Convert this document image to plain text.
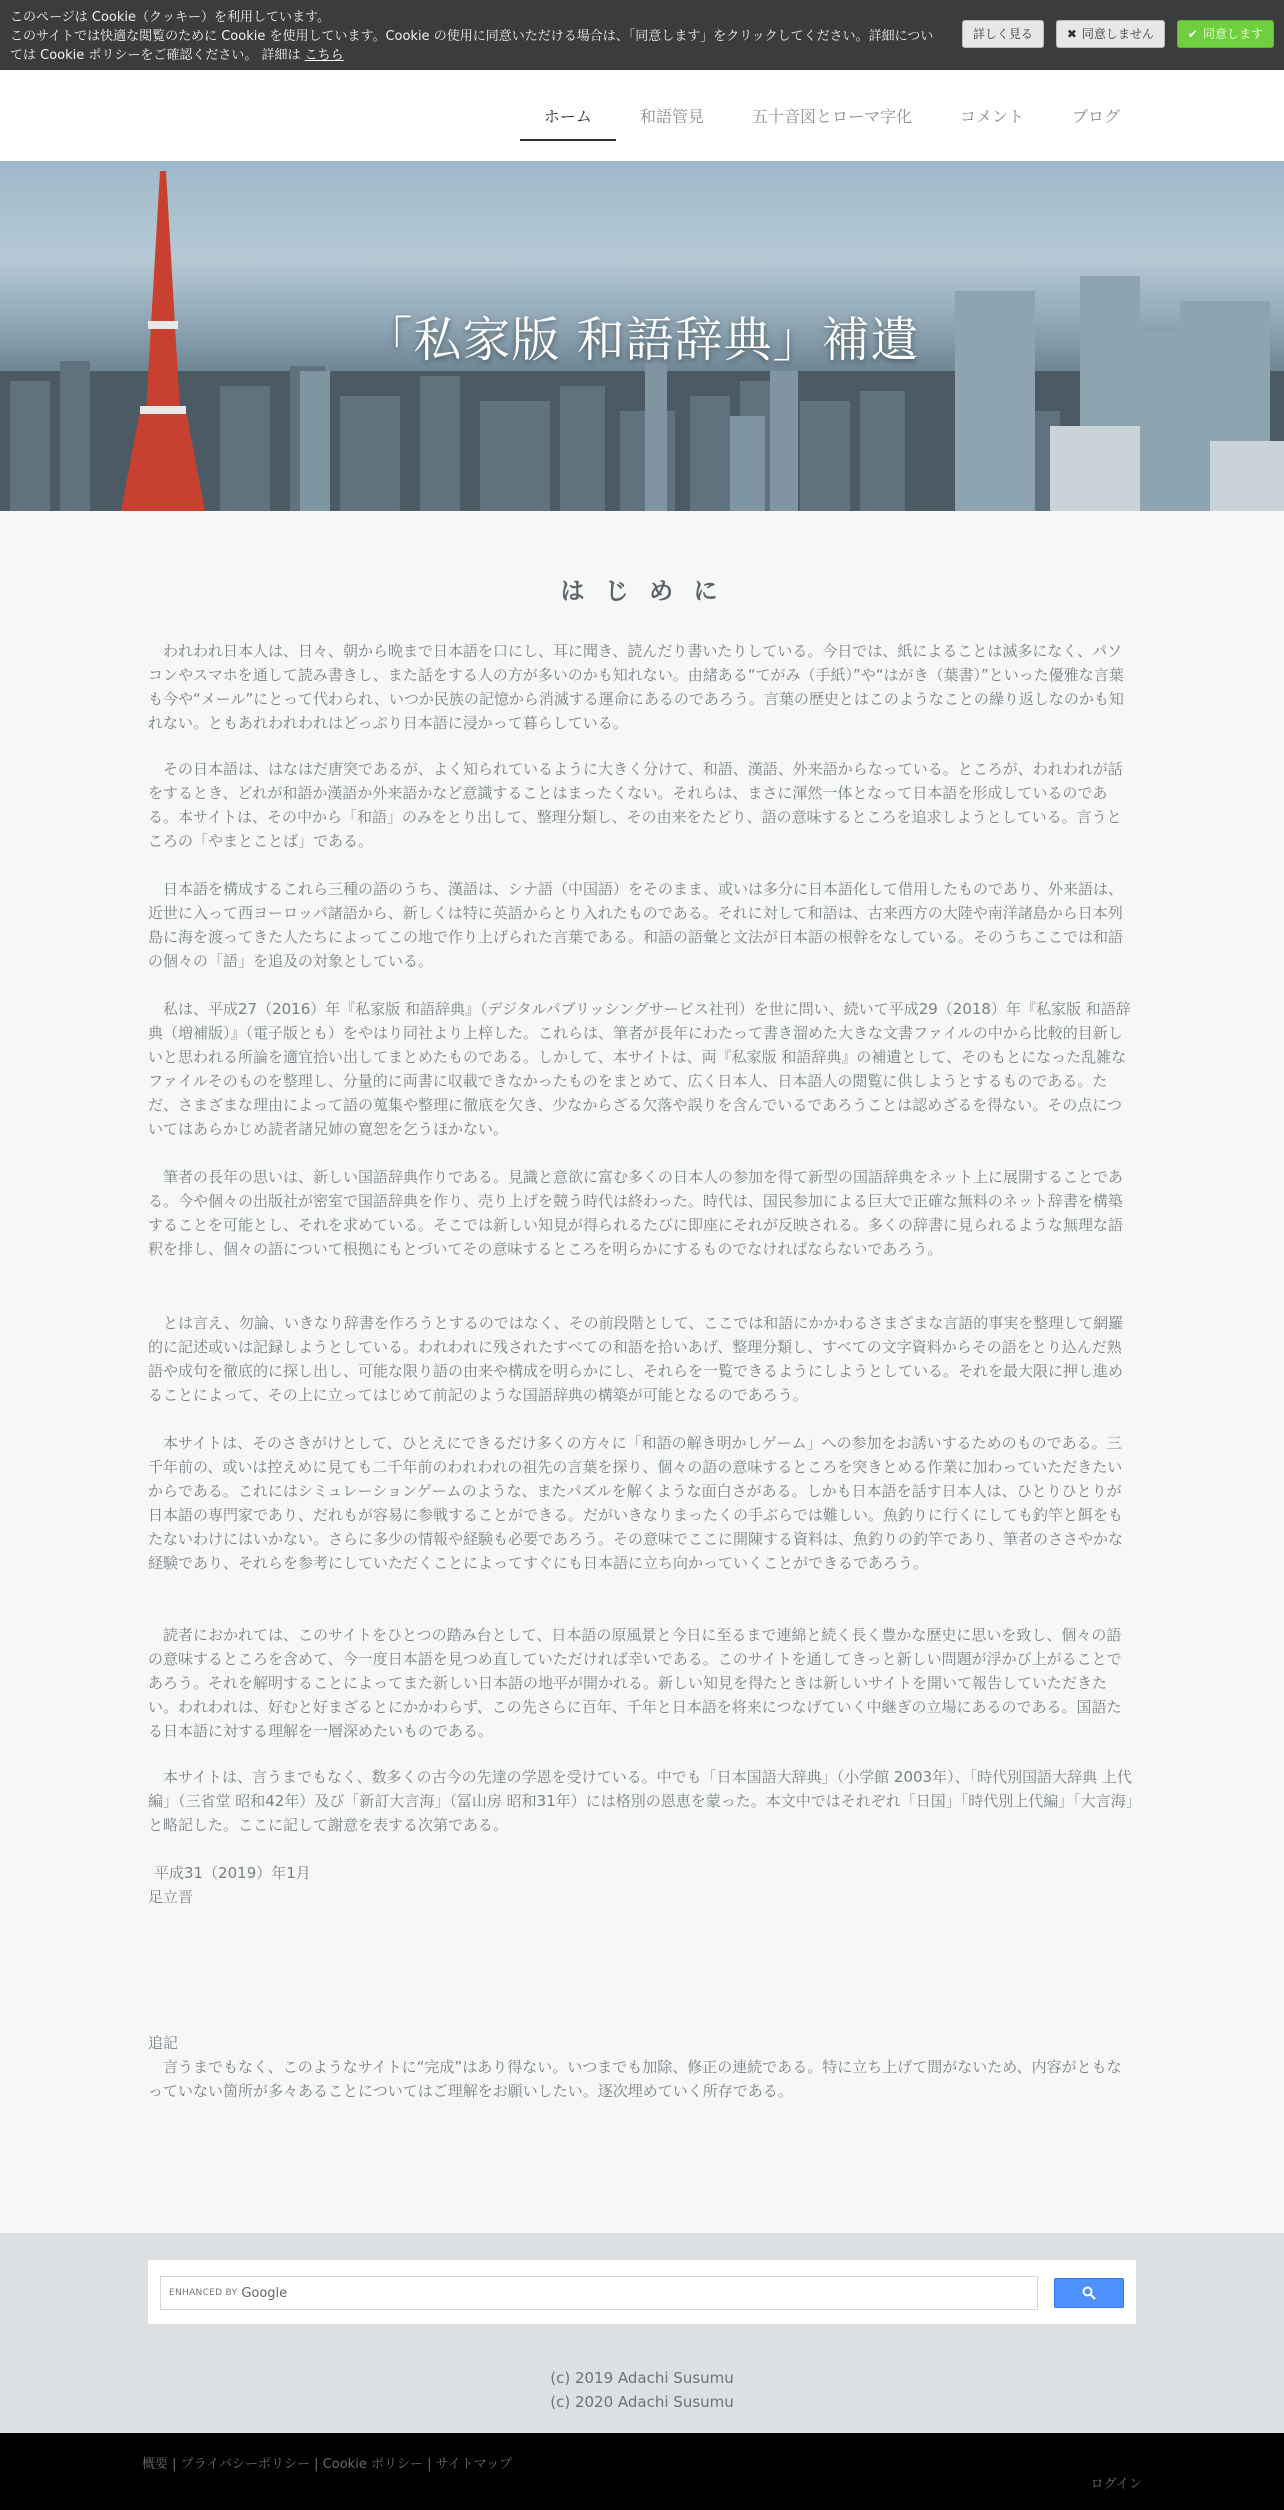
このページは Cookie（クッキー）を利用しています。
このサイトでは快適な閲覧のために Cookie を使用しています。Cookie の使用に同意いただける場合は、「同意します」をクリックしてください。詳細につい
ては Cookie ポリシーをご確認ください。 詳細は こちら
詳しく見る	✖ 同意しません	✔ 同意します
ホーム	和語管見	五十音図とローマ字化	コメント	ブログ
「私家版 和語辞典」補遺
は じ め に
われわれ日本人は、日々、朝から晩まで日本語を口にし、耳に聞き、読んだり書いたりしている。今日では、紙によることは滅多になく、パソコンやスマホを通して読み書きし、また話をする人の方が多いのかも知れない。由緒ある“てがみ（手紙）”や“はがき（葉書）”といった優雅な言葉も今や“メール”にとって代わられ、いつか民族の記憶から消滅する運命にあるのであろう。言葉の歴史とはこのようなことの繰り返しなのかも知れない。ともあれわれわれはどっぷり日本語に浸かって暮らしている。
その日本語は、はなはだ唐突であるが、よく知られているように大きく分けて、和語、漢語、外来語からなっている。ところが、われわれが話をするとき、どれが和語か漢語か外来語かなど意識することはまったくない。それらは、まさに渾然一体となって日本語を形成しているのである。本サイトは、その中から「和語」のみをとり出して、整理分類し、その由来をたどり、語の意味するところを追求しようとしている。言うところの「やまとことば」である。
日本語を構成するこれら三種の語のうち、漢語は、シナ語（中国語）をそのまま、或いは多分に日本語化して借用したものであり、外来語は、近世に入って西ヨーロッパ諸語から、新しくは特に英語からとり入れたものである。それに対して和語は、古来西方の大陸や南洋諸島から日本列島に海を渡ってきた人たちによってこの地で作り上げられた言葉である。和語の語彙と文法が日本語の根幹をなしている。そのうちここでは和語の個々の「語」を追及の対象としている。
私は、平成27（2016）年『私家版 和語辞典』（デジタルパブリッシングサービス社刊）を世に問い、続いて平成29（2018）年『私家版 和語辞典（増補版）』（電子版とも）をやはり同社より上梓した。これらは、筆者が長年にわたって書き溜めた大きな文書ファイルの中から比較的目新しいと思われる所論を適宜拾い出してまとめたものである。しかして、本サイトは、両『私家版 和語辞典』の補遺として、そのもとになった乱雑なファイルそのものを整理し、分量的に両書に収載できなかったものをまとめて、広く日本人、日本語人の閲覧に供しようとするものである。ただ、さまざまな理由によって語の蒐集や整理に徹底を欠き、少なからざる欠落や誤りを含んでいるであろうことは認めざるを得ない。その点についてはあらかじめ読者諸兄姉の寛恕を乞うほかない。
筆者の長年の思いは、新しい国語辞典作りである。見識と意欲に富む多くの日本人の参加を得て新型の国語辞典をネット上に展開することである。今や個々の出版社が密室で国語辞典を作り、売り上げを競う時代は終わった。時代は、国民参加による巨大で正確な無料のネット辞書を構築することを可能とし、それを求めている。そこでは新しい知見が得られるたびに即座にそれが反映される。多くの辞書に見られるような無理な語釈を排し、個々の語について根拠にもとづいてその意味するところを明らかにするものでなければならないであろう。
とは言え、勿論、いきなり辞書を作ろうとするのではなく、その前段階として、ここでは和語にかかわるさまざまな言語的事実を整理して網羅的に記述或いは記録しようとしている。われわれに残されたすべての和語を拾いあげ、整理分類し、すべての文字資料からその語をとり込んだ熟語や成句を徹底的に探し出し、可能な限り語の由来や構成を明らかにし、それらを一覧できるようにしようとしている。それを最大限に押し進めることによって、その上に立ってはじめて前記のような国語辞典の構築が可能となるのであろう。
本サイトは、そのさきがけとして、ひとえにできるだけ多くの方々に「和語の解き明かしゲーム」への参加をお誘いするためのものである。三千年前の、或いは控えめに見ても二千年前のわれわれの祖先の言葉を探り、個々の語の意味するところを突きとめる作業に加わっていただきたいからである。これにはシミュレーションゲームのような、またパズルを解くような面白さがある。しかも日本語を話す日本人は、ひとりひとりが日本語の専門家であり、だれもが容易に参戦することができる。だがいきなりまったくの手ぶらでは難しい。魚釣りに行くにしても釣竿と餌をもたないわけにはいかない。さらに多少の情報や経験も必要であろう。その意味でここに開陳する資料は、魚釣りの釣竿であり、筆者のささやかな経験であり、それらを参考にしていただくことによってすぐにも日本語に立ち向かっていくことができるであろう。
読者におかれては、このサイトをひとつの踏み台として、日本語の原風景と今日に至るまで連綿と続く長く豊かな歴史に思いを致し、個々の語の意味するところを含めて、今一度日本語を見つめ直していただければ幸いである。このサイトを通してきっと新しい問題が浮かび上がることであろう。それを解明することによってまた新しい日本語の地平が開かれる。新しい知見を得たときは新しいサイトを開いて報告していただきたい。われわれは、好むと好まざるとにかかわらず、この先さらに百年、千年と日本語を将来につなげていく中継ぎの立場にあるのである。国語たる日本語に対する理解を一層深めたいものである。
本サイトは、言うまでもなく、数多くの古今の先達の学恩を受けている。中でも「日本国語大辞典」（小学館 2003年）、「時代別国語大辞典 上代編」（三省堂 昭和42年）及び「新訂大言海」（冨山房 昭和31年）には格別の恩恵を蒙った。本文中ではそれぞれ「日国」「時代別上代編」「大言海」と略記した。ここに記して謝意を表する次第である。
平成31（2019）年1月
足立晋
追記
言うまでもなく、このようなサイトに“完成”はあり得ない。いつまでも加除、修正の連続である。特に立ち上げて間がないため、内容がともなっていない箇所が多々あることについてはご理解をお願いしたい。逐次埋めていく所存である。
ENHANCED BY Google
(c) 2019 Adachi Susumu
(c) 2020 Adachi Susumu
概要 | プライバシーポリシー | Cookie ポリシー | サイトマップ
ログイン
